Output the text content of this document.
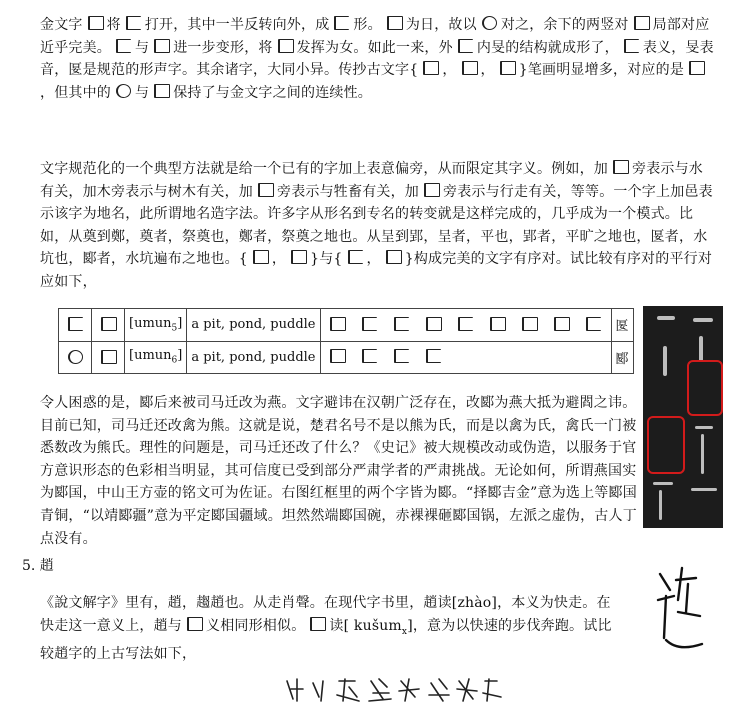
金文字 将 打开，其中一半反转向外，成 形。 为日，故以 对之，余下的两竖对 局部对应近乎完美。 与 进一步变形，将 发挥为女。如此一来，外 内旻的结构就成形了， 表义，旻表音，匽是规范的形声字。其余诸字，大同小异。传抄古文字{ ， ， }笔画明显增多，对应的是，但其中的 与 保持了与金文字之间的连续性。
文字规范化的一个典型方法就是给一个已有的字加上表意偏旁，从而限定其字义。例如，加 旁表示与水有关，加木旁表示与树木有关，加 旁表示与牲畜有关，加 旁表示与行走有关，等等。一个字上加邑表示该字为地名，此所谓地名造字法。许多字从形名到专名的转变就是这样完成的，几乎成为一个模式。比如，从奠到鄭，奠者，祭奠也，鄭者，祭奠之地也。从呈到郢，呈者，平也，郢者，平旷之地也，匽者，水坑也，郾者，水坑遍布之地也。{ ， }与{ ， }构成完美的文字有序对。试比较有序对的平行对应如下，
		[umun$_5$]	a pit, pond, puddle		匽
		[umun$_6$]	a pit, pond, puddle		郾
令人困惑的是，郾后来被司马迁改为燕。文字避讳在汉朝广泛存在，改郾为燕大抵为避閻之讳。目前已知，司马迁还改禽为熊。这就是说，楚君名号不是以熊为氏，而是以禽为氏，禽氏一门被悉数改为熊氏。理性的问题是，司马迁还改了什么？《史记》被大规模改动或伪造，以服务于官方意识形态的色彩相当明显，其可信度已受到部分严肃学者的严肃挑战。无论如何，所谓燕国实为郾国，中山王方壶的铭文可为佐证。右图红框里的两个字皆为郾。“择郾吉金”意为选上等郾国青铜，“以靖郾疆”意为平定郾国疆域。坦然然端郾国碗，赤裸裸砸郾国锅，左派之虚伪，古人丁点没有。
5. 趙
《說文解字》里有，趙，趨趙也。从走肖聲。在现代字书里，趙读[zhào]，本义为快走。在快走这一意义上，趙与 义相同形相似。 读[ kušum$_x$]，意为以快速的步伐奔跑。试比较趙字的上古写法如下，
